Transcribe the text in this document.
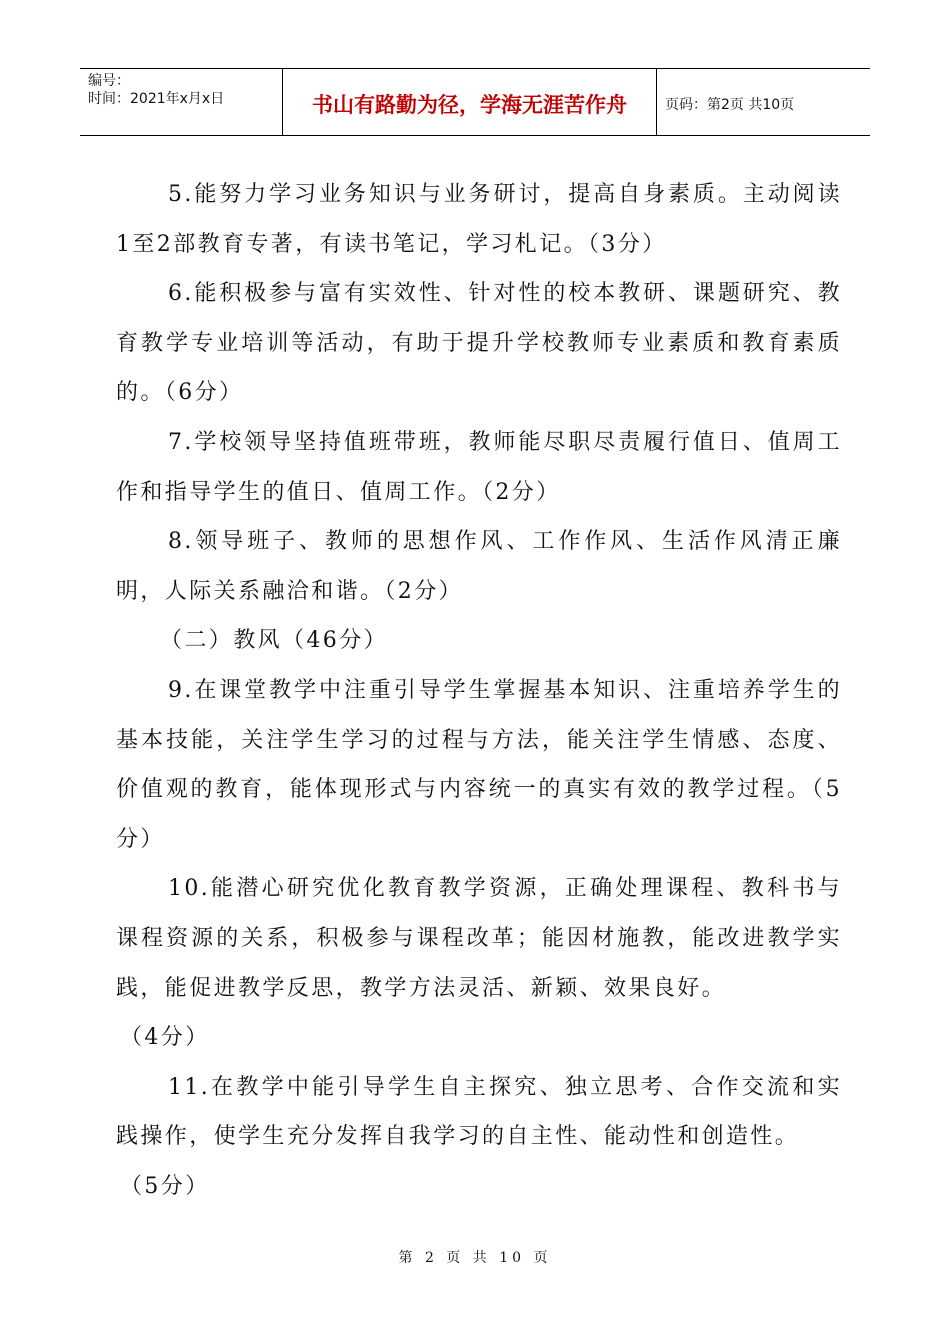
编号：
时间：2021年x月x日	书山有路勤为径，学海无涯苦作舟	页码：第2页 共10页

5.能努力学习业务知识与业务研讨，提高自身素质。主动阅读1至2部教育专著，有读书笔记，学习札记。（3分）

6.能积极参与富有实效性、针对性的校本教研、课题研究、教育教学专业培训等活动，有助于提升学校教师专业素质和教育素质的。（6分）

7.学校领导坚持值班带班，教师能尽职尽责履行值日、值周工作和指导学生的值日、值周工作。（2分）

8.领导班子、教师的思想作风、工作作风、生活作风清正廉明，人际关系融洽和谐。（2分）

（二）教风（46分）

9.在课堂教学中注重引导学生掌握基本知识、注重培养学生的基本技能，关注学生学习的过程与方法，能关注学生情感、态度、价值观的教育，能体现形式与内容统一的真实有效的教学过程。（5分）

10.能潜心研究优化教育教学资源，正确处理课程、教科书与课程资源的关系，积极参与课程改革；能因材施教，能改进教学实践，能促进教学反思，教学方法灵活、新颖、效果良好。

（4分）

11.在教学中能引导学生自主探究、独立思考、合作交流和实践操作，使学生充分发挥自我学习的自主性、能动性和创造性。

（5分）

第 2 页 共 10 页
